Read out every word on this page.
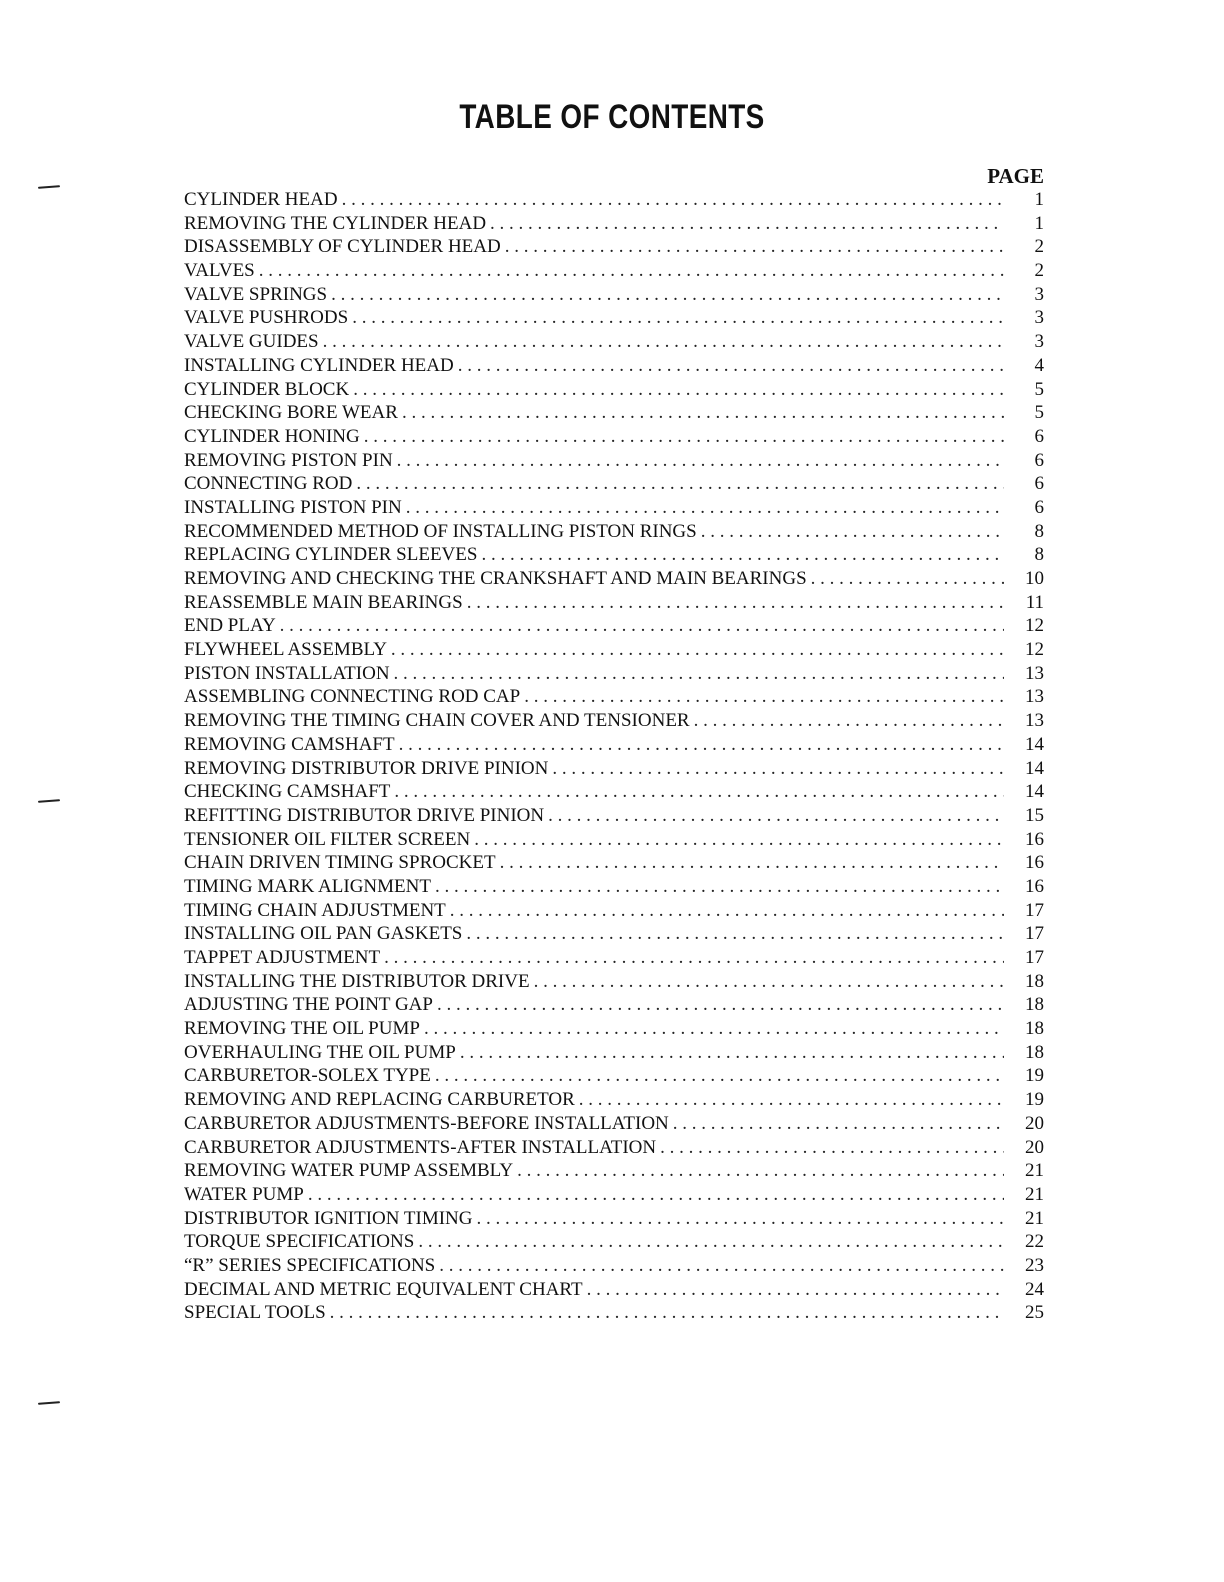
TABLE OF CONTENTS
PAGE
CYLINDER HEAD . . .	1
REMOVING THE CYLINDER HEAD . . .	1
DISASSEMBLY OF CYLINDER HEAD . . .	2
VALVES . . .	2
VALVE SPRINGS . . .	3
VALVE PUSHRODS . . .	3
VALVE GUIDES . . .	3
INSTALLING CYLINDER HEAD . . .	4
CYLINDER BLOCK . . .	5
CHECKING BORE WEAR . . .	5
CYLINDER HONING . . .	6
REMOVING PISTON PIN . . .	6
CONNECTING ROD . . .	6
INSTALLING PISTON PIN . . .	6
RECOMMENDED METHOD OF INSTALLING PISTON RINGS . . .	8
REPLACING CYLINDER SLEEVES . . .	8
REMOVING AND CHECKING THE CRANKSHAFT AND MAIN BEARINGS . . .	10
REASSEMBLE MAIN BEARINGS . . .	11
END PLAY . . .	12
FLYWHEEL ASSEMBLY . . .	12
PISTON INSTALLATION . . .	13
ASSEMBLING CONNECTING ROD CAP . . .	13
REMOVING THE TIMING CHAIN COVER AND TENSIONER . . .	13
REMOVING CAMSHAFT . . .	14
REMOVING DISTRIBUTOR DRIVE PINION . . .	14
CHECKING CAMSHAFT . . .	14
REFITTING DISTRIBUTOR DRIVE PINION . . .	15
TENSIONER OIL FILTER SCREEN . . .	16
CHAIN DRIVEN TIMING SPROCKET . . .	16
TIMING MARK ALIGNMENT . . .	16
TIMING CHAIN ADJUSTMENT . . .	17
INSTALLING OIL PAN GASKETS . . .	17
TAPPET ADJUSTMENT . . .	17
INSTALLING THE DISTRIBUTOR DRIVE . . .	18
ADJUSTING THE POINT GAP . . .	18
REMOVING THE OIL PUMP . . .	18
OVERHAULING THE OIL PUMP . . .	18
CARBURETOR-SOLEX TYPE . . .	19
REMOVING AND REPLACING CARBURETOR . . .	19
CARBURETOR ADJUSTMENTS-BEFORE INSTALLATION . . .	20
CARBURETOR ADJUSTMENTS-AFTER INSTALLATION . . .	20
REMOVING WATER PUMP ASSEMBLY . . .	21
WATER PUMP . . .	21
DISTRIBUTOR IGNITION TIMING . . .	21
TORQUE SPECIFICATIONS . . .	22
“R” SERIES SPECIFICATIONS . . .	23
DECIMAL AND METRIC EQUIVALENT CHART . . .	24
SPECIAL TOOLS . . .	25
